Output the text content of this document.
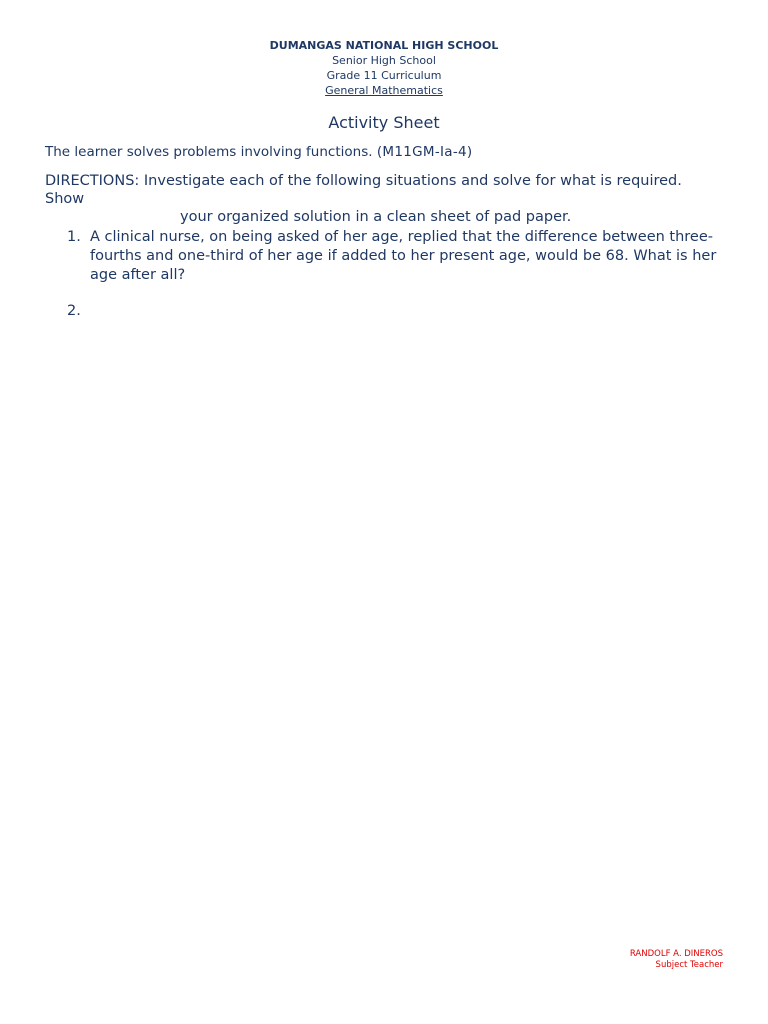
DUMANGAS NATIONAL HIGH SCHOOL
Senior High School
Grade 11 Curriculum
General Mathematics
Activity Sheet
The learner solves problems involving functions. (M11GM-Ia-4)
DIRECTIONS: Investigate each of the following situations and solve for what is required. Show
your organized solution in a clean sheet of pad paper.
1. A clinical nurse, on being asked of her age, replied that the difference between three-fourths and one-third of her age if added to her present age, would be 68. What is her age after all?
2.
RANDOLF A. DINEROS
Subject Teacher
